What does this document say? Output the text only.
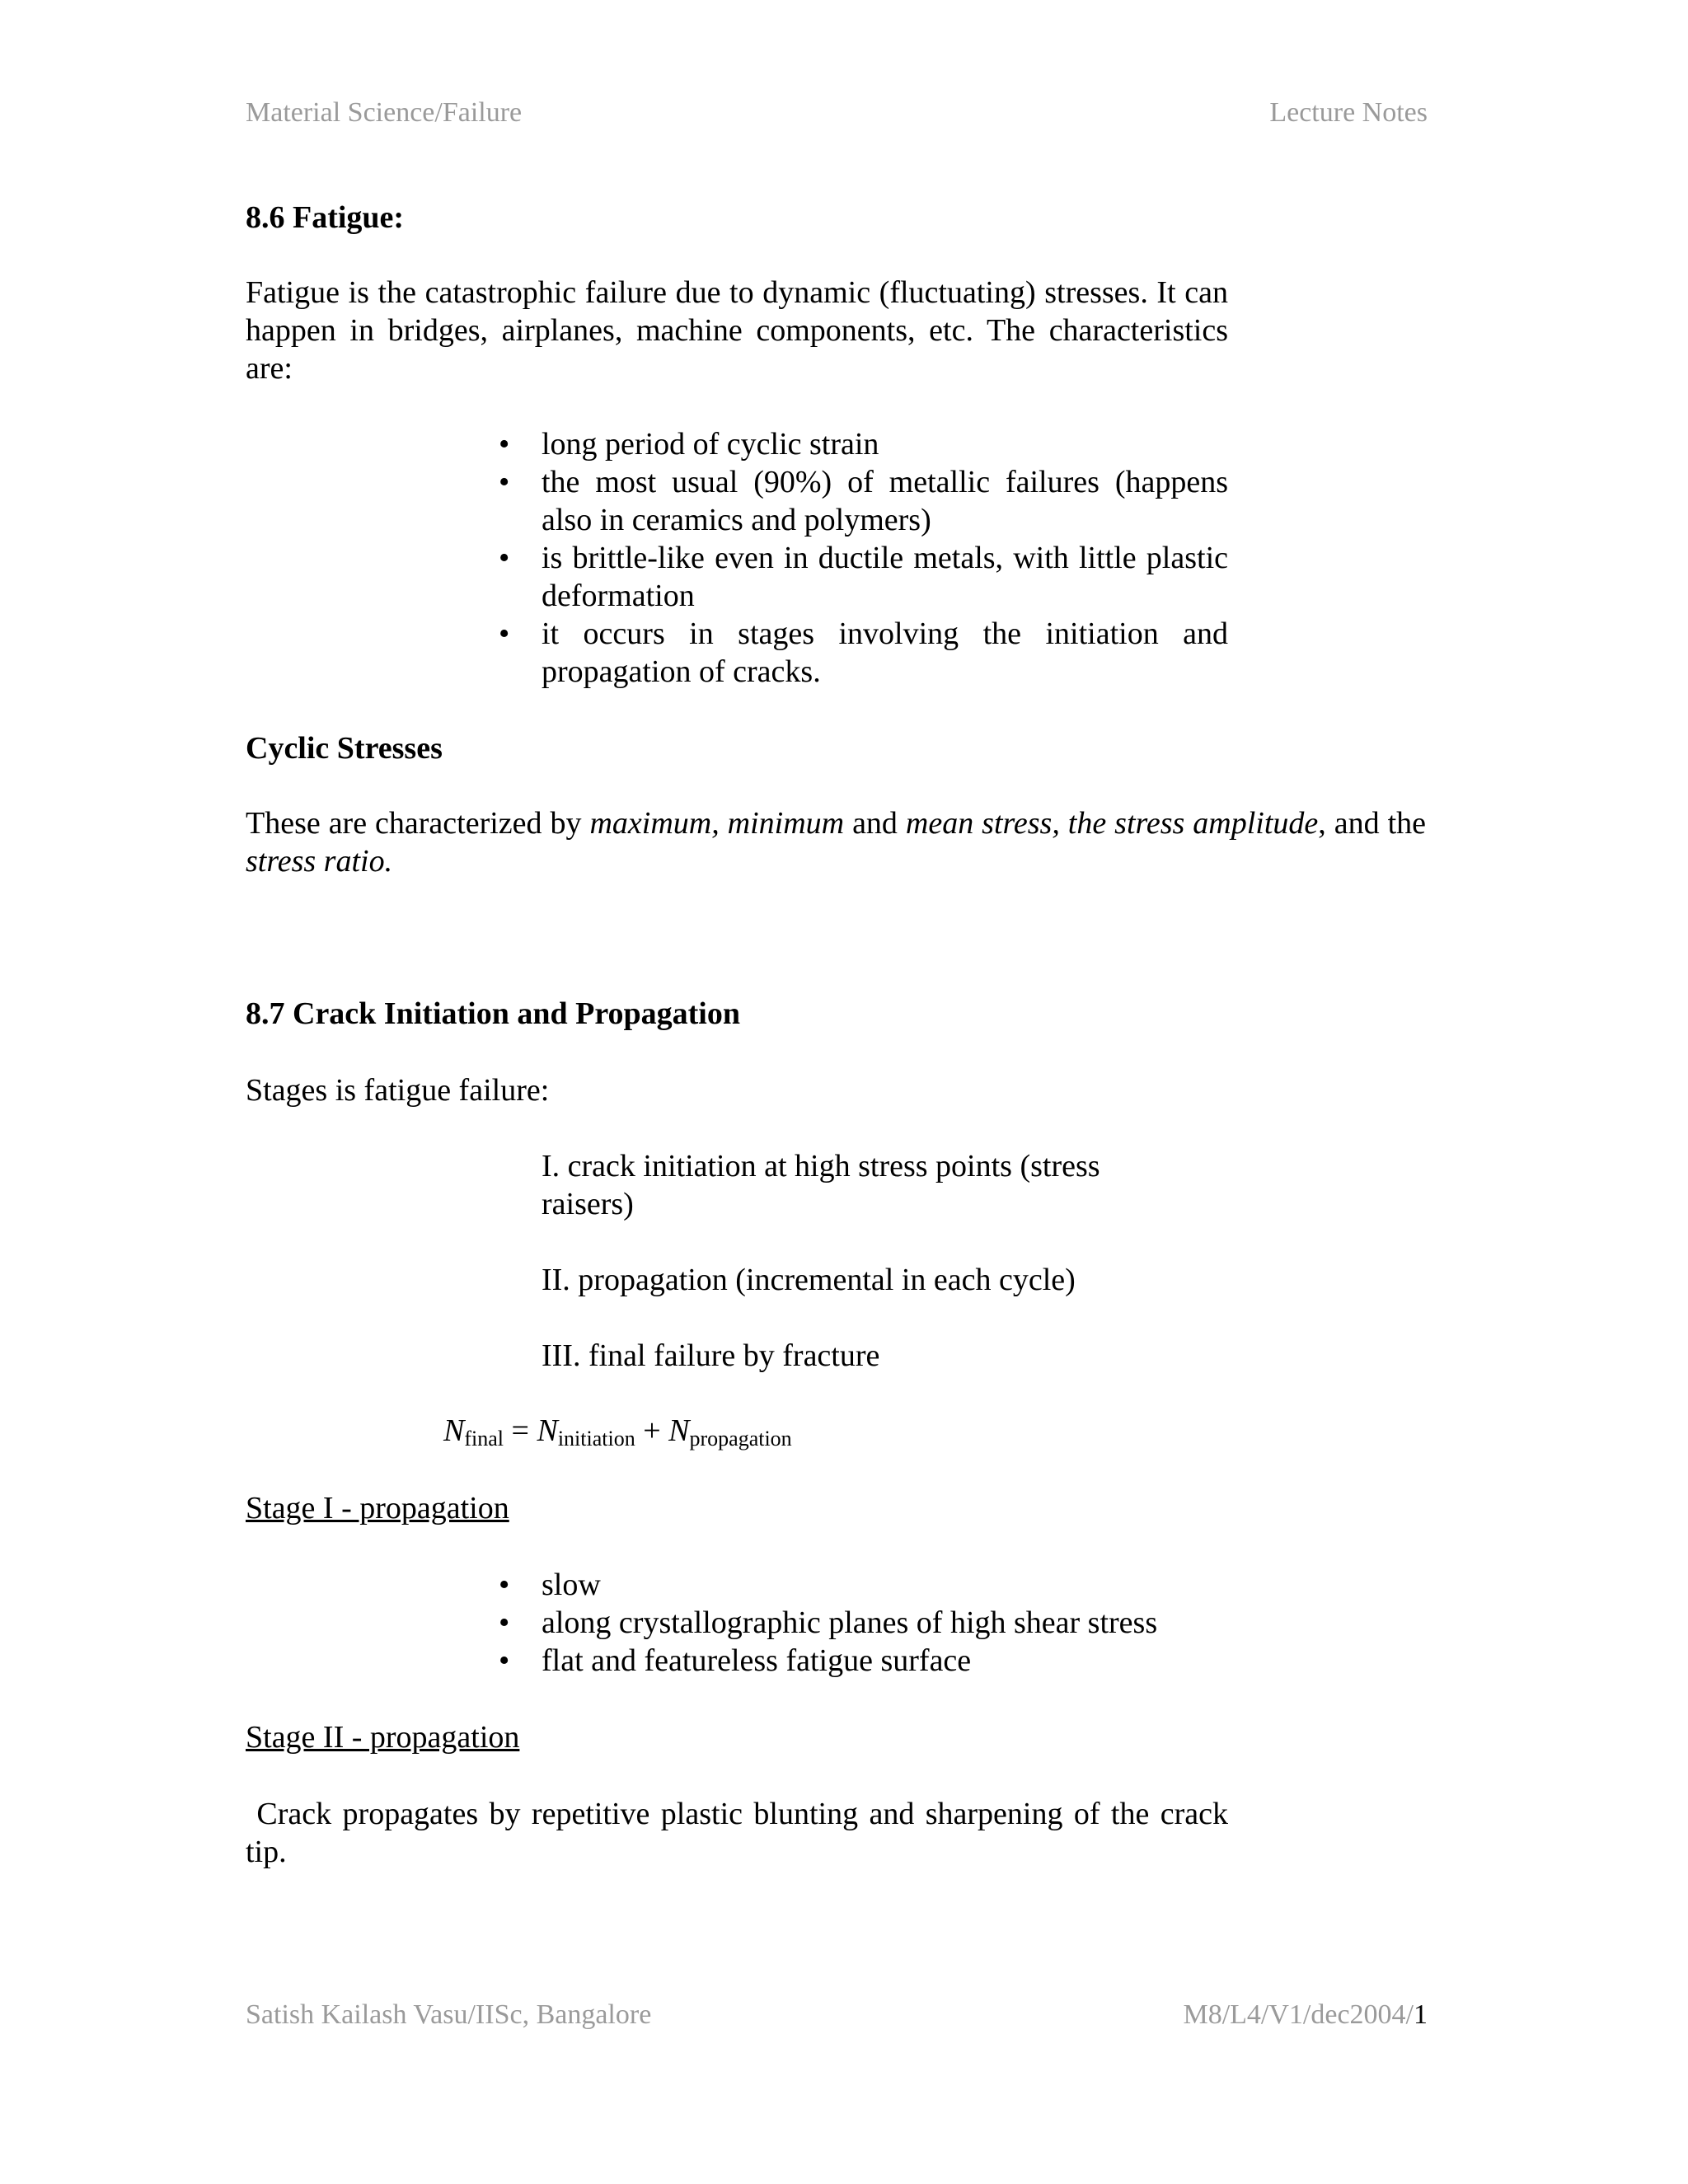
Material Science/Failure	Lecture Notes
8.6 Fatigue:
Fatigue is the catastrophic failure due to dynamic (fluctuating) stresses. It can happen in bridges, airplanes, machine components, etc. The characteristics are:
• long period of cyclic strain
• the most usual (90%) of metallic failures (happens also in ceramics and polymers)
• is brittle-like even in ductile metals, with little plastic deformation
• it occurs in stages involving the initiation and propagation of cracks.
Cyclic Stresses
These are characterized by maximum, minimum and mean stress, the stress amplitude, and the stress ratio.
8.7 Crack Initiation and Propagation
Stages is fatigue failure:
I. crack initiation at high stress points (stress raisers)
II. propagation (incremental in each cycle)
III. final failure by fracture
$N_{final} = N_{initiation} + N_{propagation}$
Stage I - propagation
• slow
• along crystallographic planes of high shear stress
• flat and featureless fatigue surface
Stage II - propagation
Crack propagates by repetitive plastic blunting and sharpening of the crack tip.
Satish Kailash Vasu/IISc, Bangalore	M8/L4/V1/dec2004/1
